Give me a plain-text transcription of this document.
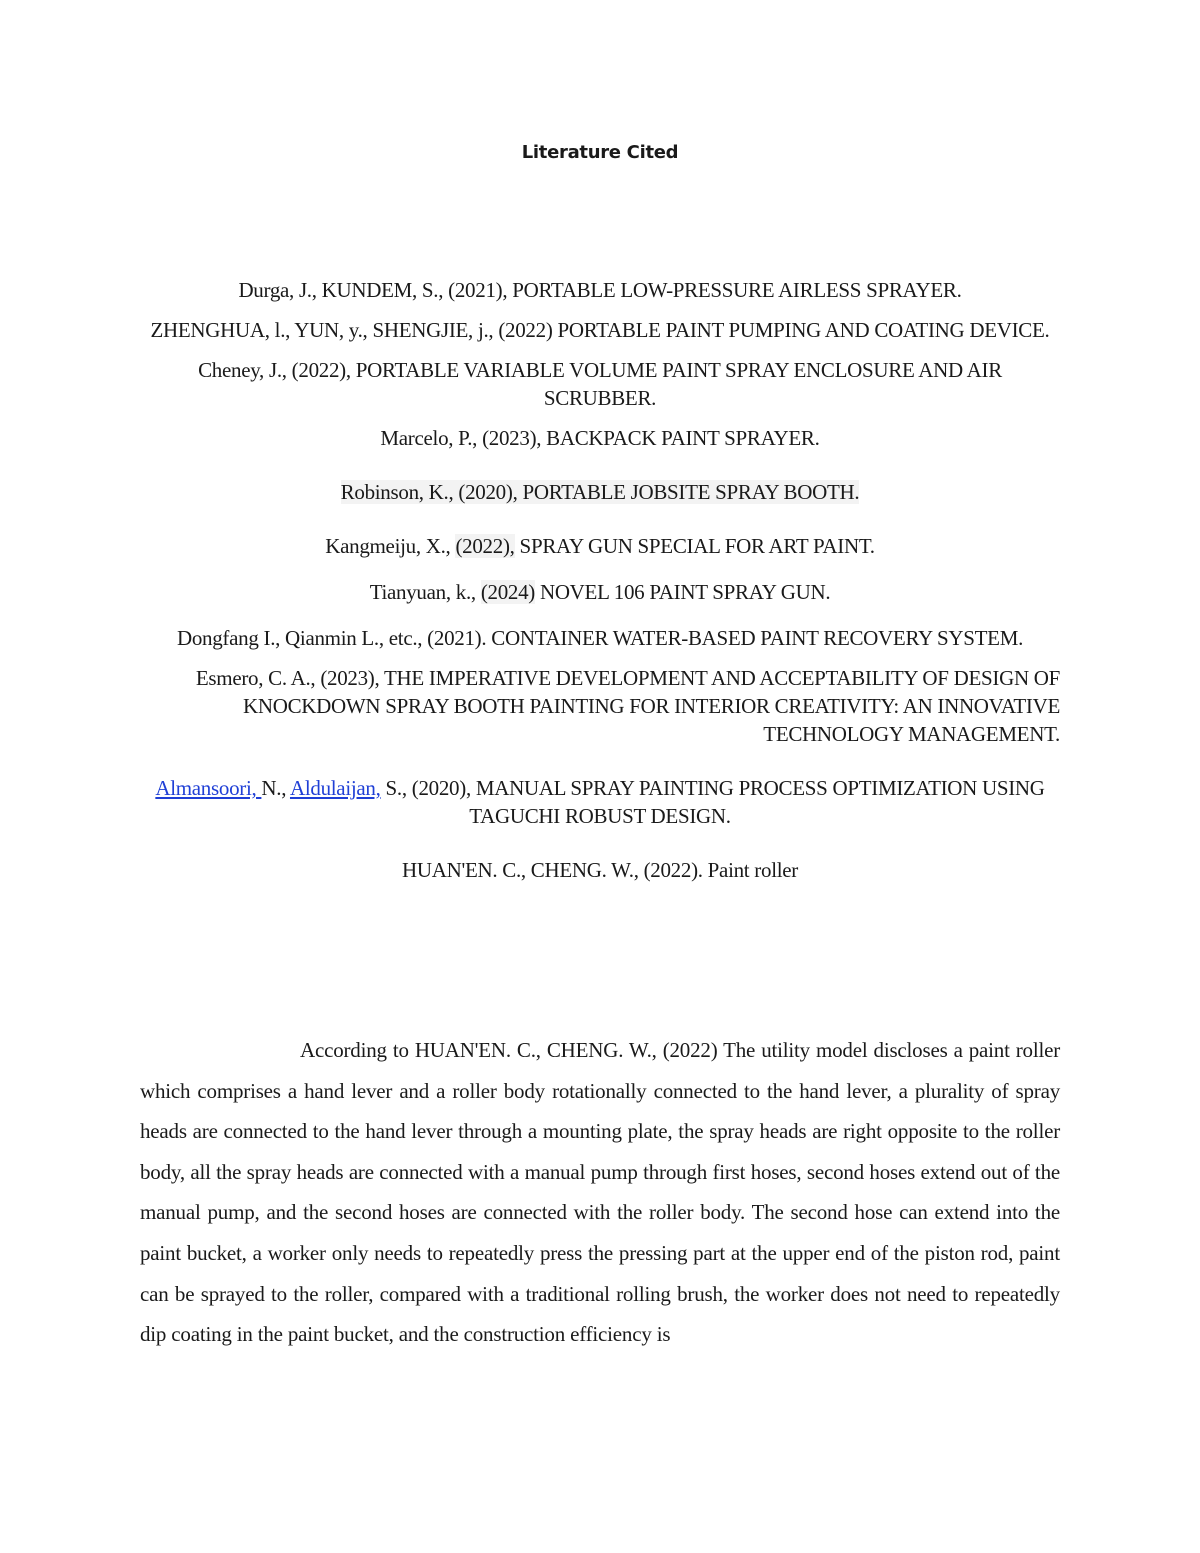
Literature Cited

Durga, J., KUNDEM, S., (2021), PORTABLE LOW-PRESSURE AIRLESS SPRAYER.

ZHENGHUA, l., YUN, y., SHENGJIE, j., (2022) PORTABLE PAINT PUMPING AND COATING DEVICE.

Cheney, J., (2022), PORTABLE VARIABLE VOLUME PAINT SPRAY ENCLOSURE AND AIR SCRUBBER.

Marcelo, P., (2023), BACKPACK PAINT SPRAYER.

Robinson, K., (2020), PORTABLE JOBSITE SPRAY BOOTH.

Kangmeiju, X., (2022), SPRAY GUN SPECIAL FOR ART PAINT.

Tianyuan, k., (2024) NOVEL 106 PAINT SPRAY GUN.

Dongfang I., Qianmin L., etc., (2021). CONTAINER WATER-BASED PAINT RECOVERY SYSTEM.

Esmero, C. A., (2023), THE IMPERATIVE DEVELOPMENT AND ACCEPTABILITY OF DESIGN OF KNOCKDOWN SPRAY BOOTH PAINTING FOR INTERIOR CREATIVITY: AN INNOVATIVE TECHNOLOGY MANAGEMENT.

Almansoori, N., Aldulaijan, S., (2020), MANUAL SPRAY PAINTING PROCESS OPTIMIZATION USING TAGUCHI ROBUST DESIGN.

HUAN'EN. C., CHENG. W., (2022). Paint roller

According to HUAN'EN. C., CHENG. W., (2022) The utility model discloses a paint roller which comprises a hand lever and a roller body rotationally connected to the hand lever, a plurality of spray heads are connected to the hand lever through a mounting plate, the spray heads are right opposite to the roller body, all the spray heads are connected with a manual pump through first hoses, second hoses extend out of the manual pump, and the second hoses are connected with the roller body. The second hose can extend into the paint bucket, a worker only needs to repeatedly press the pressing part at the upper end of the piston rod, paint can be sprayed to the roller, compared with a traditional rolling brush, the worker does not need to repeatedly dip coating in the paint bucket, and the construction efficiency is
